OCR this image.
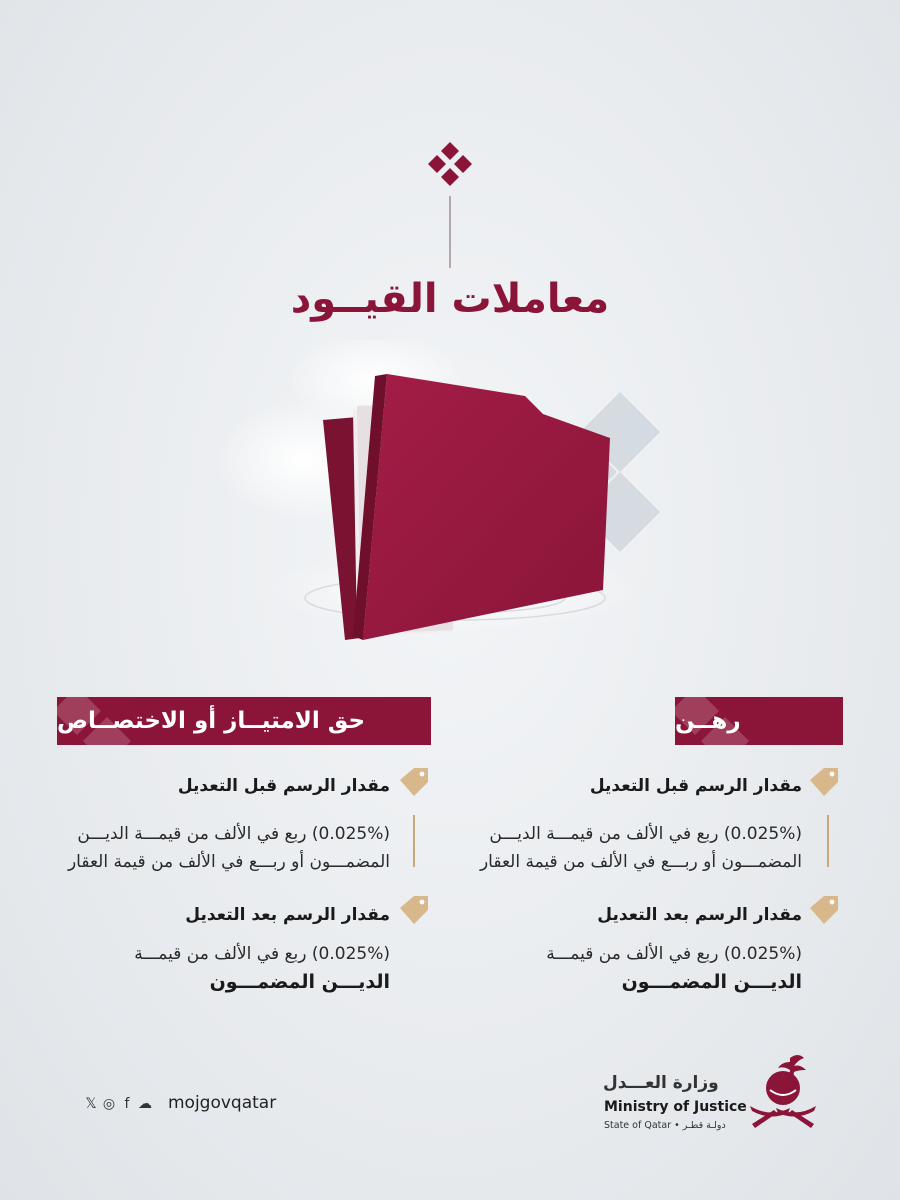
معاملات القيــود
رهــن
مقدار الرسم قبل التعديل
(0.025%) ربع في الألف من قيمـــة الديـــن
المضمـــون أو ربـــع في الألف من قيمة العقار
مقدار الرسم بعد التعديل
(0.025%) ربع في الألف من قيمـــة
الديـــن المضمـــون
حق الامتيــاز أو الاختصــاص
مقدار الرسم قبل التعديل
(0.025%) ربع في الألف من قيمـــة الديـــن
المضمـــون أو ربـــع في الألف من قيمة العقار
مقدار الرسم بعد التعديل
(0.025%) ربع في الألف من قيمـــة
الديـــن المضمـــون
𝕏 ◎ f ☁ mojgovqatar
وزارة العـــدل
Ministry of Justice
State of Qatar • دولـة قطـر
